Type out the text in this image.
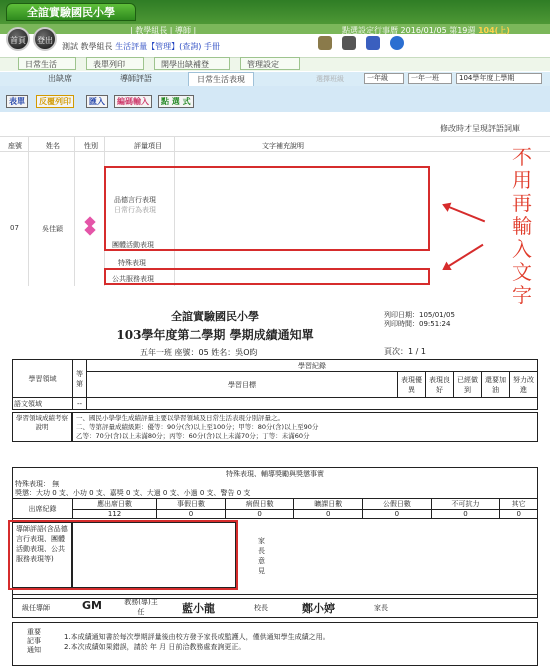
全誼實驗國民小學
| 教學組長 | 導師 |	點選設定行事曆 2016/01/05 第19週 104(上)
首頁	登出
測試 教學組長 生活評量【管理】(查詢) 手冊
日常生活	表單列印	開學出缺補登	管理設定
出缺席	導師評語	日常生活表現	選擇班級	一年級	一年一班	104學年度上學期
表單	反覆列印	匯入	編碼輸入	點 選 式
修改時才呈現評語詞庫
座號	姓名	性別	評量項目	文字補充說明
07	吳佳穎
品德言行表現
日常行為表現
團體活動表現
特殊表現
公共服務表現
不
用
再
輸
入
文
字
全誼實驗國民小學
103學年度第二學期 學期成績通知單
列印日期：105/01/05
列印時間：09:51:24
五年一班 座號：05 姓名：吳O昀	頁次：1 / 1
學習領域	等第	學習紀錄					
		學習目標	表現優異	表現良好	已經做到	還要加油	努力改進
語文領域	--						
學習領域成績考察說明
一、國民小學學生成績評量主要以學習領域及日常生活表現分別評量之。
二、等第評量成績級距：優等：90分(含)以上至100分；甲等：80分(含)以上至90分
乙等：70分(含)以上未滿80分；丙等：60分(含)以上未滿70分；丁等：未滿60分
特殊表現、輔導獎勵與獎懲事實
特殊表現： 無
獎懲：大功 0 支、小功 0 支、嘉獎 0 支、大過 0 支、小過 0 支、警告 0 支
出席紀錄	應出席日數	事假日數	病假日數	曠課日數	公假日數	不可抗力	其它
	112	0	0	0	0	0	0
導師評語(含品德言行表現、團體活動表現、公共服務表現等)
家長意見
級任導師	GM	教務(導)主任	藍小龍	校長	鄭小婷	家長
重要記事通知
1.本成績通知書於每次學期評量後由校方發予家長或監護人，僅供通知學生成績之用。
2.本次成績如果錯誤，請於 年 月 日前洽教務處查詢更正。
